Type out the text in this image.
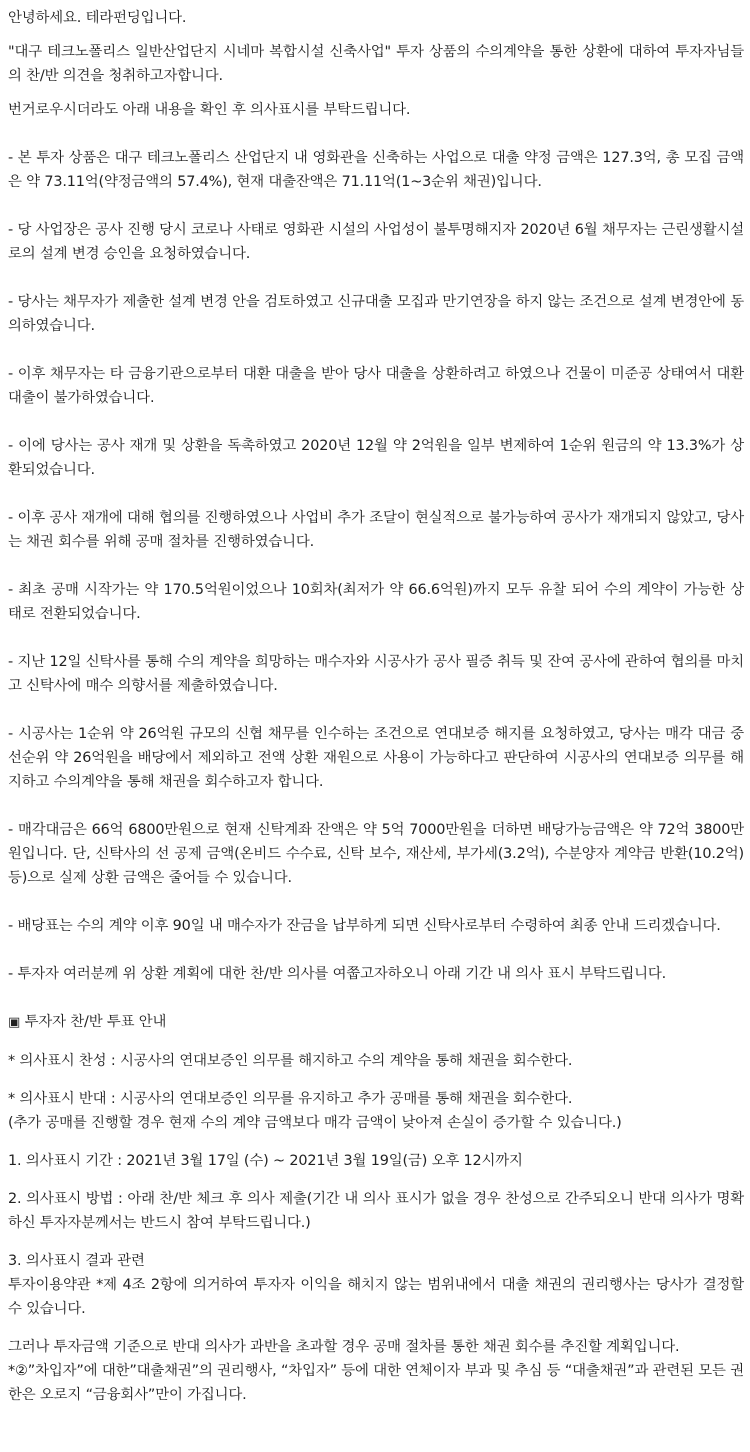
안녕하세요. 테라펀딩입니다.

"대구 테크노폴리스 일반산업단지 시네마 복합시설 신축사업" 투자 상품의 수의계약을 통한 상환에 대하여 투자자님들의 찬/반 의견을 청취하고자합니다.

번거로우시더라도 아래 내용을 확인 후 의사표시를 부탁드립니다.

- 본 투자 상품은 대구 테크노폴리스 산업단지 내 영화관을 신축하는 사업으로 대출 약정 금액은 127.3억, 총 모집 금액은 약 73.11억(약정금액의 57.4%), 현재 대출잔액은 71.11억(1~3순위 채권)입니다.

- 당 사업장은 공사 진행 당시 코로나 사태로 영화관 시설의 사업성이 불투명해지자 2020년 6월 채무자는 근린생활시설로의 설계 변경 승인을 요청하였습니다.

- 당사는 채무자가 제출한 설계 변경 안을 검토하였고 신규대출 모집과 만기연장을 하지 않는 조건으로 설계 변경안에 동의하였습니다.

- 이후 채무자는 타 금융기관으로부터 대환 대출을 받아 당사 대출을 상환하려고 하였으나 건물이 미준공 상태여서 대환 대출이 불가하였습니다.

- 이에 당사는 공사 재개 및 상환을 독촉하였고 2020년 12월 약 2억원을 일부 변제하여 1순위 원금의 약 13.3%가 상환되었습니다.

- 이후 공사 재개에 대해 협의를 진행하였으나 사업비 추가 조달이 현실적으로 불가능하여 공사가 재개되지 않았고, 당사는 채권 회수를 위해 공매 절차를 진행하였습니다.

- 최초 공매 시작가는 약 170.5억원이었으나 10회차(최저가 약 66.6억원)까지 모두 유찰 되어 수의 계약이 가능한 상태로 전환되었습니다.

- 지난 12일 신탁사를 통해 수의 계약을 희망하는 매수자와 시공사가 공사 필증 취득 및 잔여 공사에 관하여 협의를 마치고 신탁사에 매수 의향서를 제출하였습니다.

- 시공사는 1순위 약 26억원 규모의 신협 채무를 인수하는 조건으로 연대보증 해지를 요청하였고, 당사는 매각 대금 중 선순위 약 26억원을 배당에서 제외하고 전액 상환 재원으로 사용이 가능하다고 판단하여 시공사의 연대보증 의무를 해지하고 수의계약을 통해 채권을 회수하고자 합니다.

- 매각대금은 66억 6800만원으로 현재 신탁계좌 잔액은 약 5억 7000만원을 더하면 배당가능금액은 약 72억 3800만원입니다. 단, 신탁사의 선 공제 금액(온비드 수수료, 신탁 보수, 재산세, 부가세(3.2억), 수분양자 계약금 반환(10.2억) 등)으로 실제 상환 금액은 줄어들 수 있습니다.

- 배당표는 수의 계약 이후 90일 내 매수자가 잔금을 납부하게 되면 신탁사로부터 수령하여 최종 안내 드리겠습니다.

- 투자자 여러분께 위 상환 계획에 대한 찬/반 의사를 여쭙고자하오니 아래 기간 내 의사 표시 부탁드립니다.

▣ 투자자 찬/반 투표 안내

* 의사표시 찬성 : 시공사의 연대보증인 의무를 해지하고 수의 계약을 통해 채권을 회수한다.

* 의사표시 반대 : 시공사의 연대보증인 의무를 유지하고 추가 공매를 통해 채권을 회수한다.

(추가 공매를 진행할 경우 현재 수의 계약 금액보다 매각 금액이 낮아져 손실이 증가할 수 있습니다.)

1. 의사표시 기간 : 2021년 3월 17일 (수) ~ 2021년 3월 19일(금) 오후 12시까지

2. 의사표시 방법 : 아래 찬/반 체크 후 의사 제출(기간 내 의사 표시가 없을 경우 찬성으로 간주되오니 반대 의사가 명확하신 투자자분께서는 반드시 참여 부탁드립니다.)

3. 의사표시 결과 관련

투자이용약관 *제 4조 2항에 의거하여 투자자 이익을 해치지 않는 범위내에서 대출 채권의 권리행사는 당사가 결정할 수 있습니다.

그러나 투자금액 기준으로 반대 의사가 과반을 초과할 경우 공매 절차를 통한 채권 회수를 추진할 계획입니다.

*②”차입자”에 대한”대출채권”의 권리행사, “차입자” 등에 대한 연체이자 부과 및 추심 등 “대출채권”과 관련된 모든 권한은 오로지 “금융회사”만이 가집니다.
